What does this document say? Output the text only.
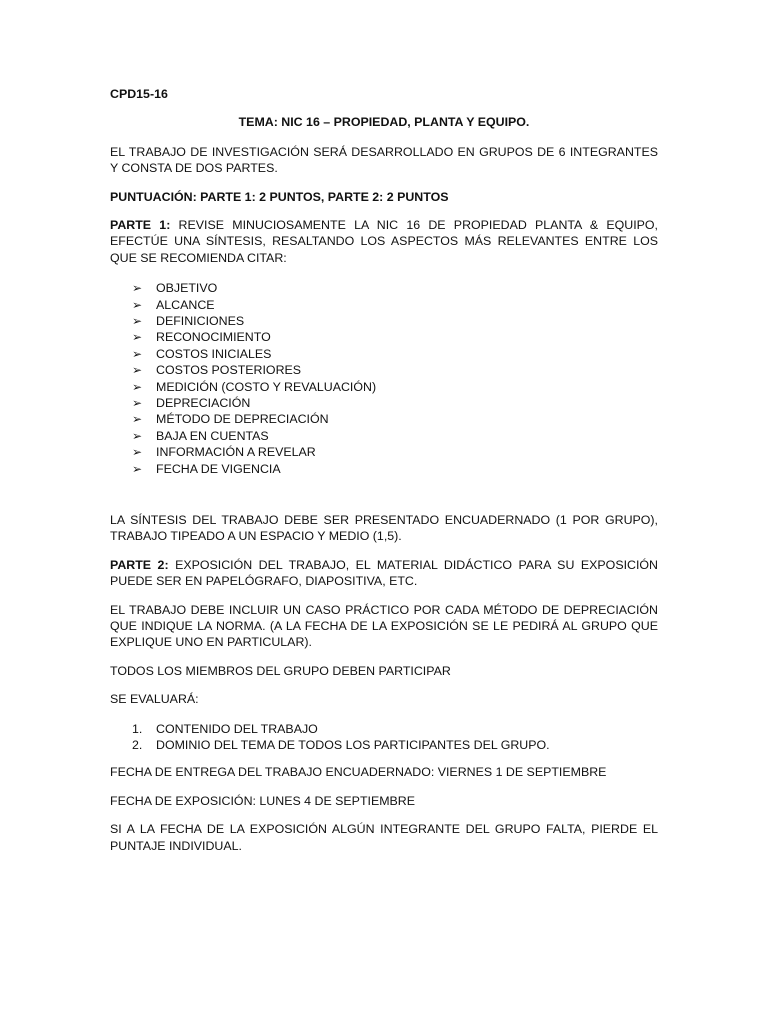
CPD15-16
TEMA: NIC 16 – PROPIEDAD, PLANTA Y EQUIPO.

EL TRABAJO DE INVESTIGACIÓN SERÁ DESARROLLADO EN GRUPOS DE 6 INTEGRANTES Y CONSTA DE DOS PARTES.

PUNTUACIÓN: PARTE 1: 2 PUNTOS, PARTE 2: 2 PUNTOS

PARTE 1: REVISE MINUCIOSAMENTE LA NIC 16 DE PROPIEDAD PLANTA & EQUIPO, EFECTÚE UNA SÍNTESIS, RESALTANDO LOS ASPECTOS MÁS RELEVANTES ENTRE LOS QUE SE RECOMIENDA CITAR:

➢ OBJETIVO
➢ ALCANCE
➢ DEFINICIONES
➢ RECONOCIMIENTO
➢ COSTOS INICIALES
➢ COSTOS POSTERIORES
➢ MEDICIÓN (COSTO Y REVALUACIÓN)
➢ DEPRECIACIÓN
➢ MÉTODO DE DEPRECIACIÓN
➢ BAJA EN CUENTAS
➢ INFORMACIÓN A REVELAR
➢ FECHA DE VIGENCIA

LA SÍNTESIS DEL TRABAJO DEBE SER PRESENTADO ENCUADERNADO (1 POR GRUPO), TRABAJO TIPEADO A UN ESPACIO Y MEDIO (1,5).

PARTE 2: EXPOSICIÓN DEL TRABAJO, EL MATERIAL DIDÁCTICO PARA SU EXPOSICIÓN PUEDE SER EN PAPELÓGRAFO, DIAPOSITIVA, ETC.

EL TRABAJO DEBE INCLUIR UN CASO PRÁCTICO POR CADA MÉTODO DE DEPRECIACIÓN QUE INDIQUE LA NORMA. (A LA FECHA DE LA EXPOSICIÓN SE LE PEDIRÁ AL GRUPO QUE EXPLIQUE UNO EN PARTICULAR).

TODOS LOS MIEMBROS DEL GRUPO DEBEN PARTICIPAR

SE EVALUARÁ:

1. CONTENIDO DEL TRABAJO
2. DOMINIO DEL TEMA DE TODOS LOS PARTICIPANTES DEL GRUPO.

FECHA DE ENTREGA DEL TRABAJO ENCUADERNADO: VIERNES 1 DE SEPTIEMBRE

FECHA DE EXPOSICIÓN: LUNES 4 DE SEPTIEMBRE

SI A LA FECHA DE LA EXPOSICIÓN ALGÚN INTEGRANTE DEL GRUPO FALTA, PIERDE EL PUNTAJE INDIVIDUAL.
